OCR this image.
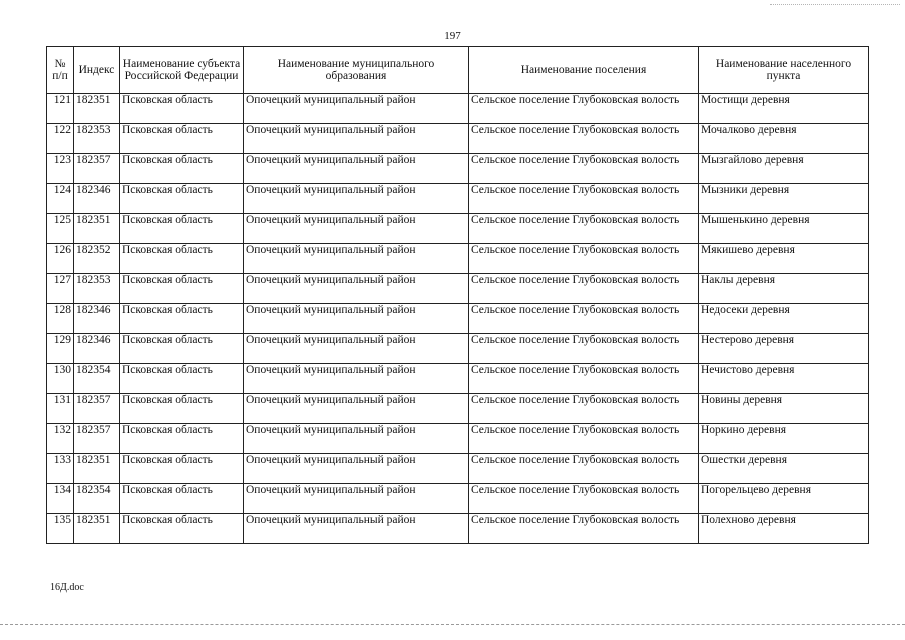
197
№ п/п	Индекс	Наименование субъекта Российской Федерации	Наименование муниципального образования	Наименование поселения	Наименование населенного пункта
121	182351	Псковская область	Опочецкий муниципальный район	Сельское поселение Глубоковская волость	Мостищи деревня
122	182353	Псковская область	Опочецкий муниципальный район	Сельское поселение Глубоковская волость	Мочалково деревня
123	182357	Псковская область	Опочецкий муниципальный район	Сельское поселение Глубоковская волость	Мызгайлово деревня
124	182346	Псковская область	Опочецкий муниципальный район	Сельское поселение Глубоковская волость	Мызники деревня
125	182351	Псковская область	Опочецкий муниципальный район	Сельское поселение Глубоковская волость	Мышенькино деревня
126	182352	Псковская область	Опочецкий муниципальный район	Сельское поселение Глубоковская волость	Мякишево деревня
127	182353	Псковская область	Опочецкий муниципальный район	Сельское поселение Глубоковская волость	Наклы деревня
128	182346	Псковская область	Опочецкий муниципальный район	Сельское поселение Глубоковская волость	Недосеки деревня
129	182346	Псковская область	Опочецкий муниципальный район	Сельское поселение Глубоковская волость	Нестерово деревня
130	182354	Псковская область	Опочецкий муниципальный район	Сельское поселение Глубоковская волость	Нечистово деревня
131	182357	Псковская область	Опочецкий муниципальный район	Сельское поселение Глубоковская волость	Новины деревня
132	182357	Псковская область	Опочецкий муниципальный район	Сельское поселение Глубоковская волость	Норкино деревня
133	182351	Псковская область	Опочецкий муниципальный район	Сельское поселение Глубоковская волость	Ошестки деревня
134	182354	Псковская область	Опочецкий муниципальный район	Сельское поселение Глубоковская волость	Погорельцево деревня
135	182351	Псковская область	Опочецкий муниципальный район	Сельское поселение Глубоковская волость	Полехново деревня
16Д.doc
